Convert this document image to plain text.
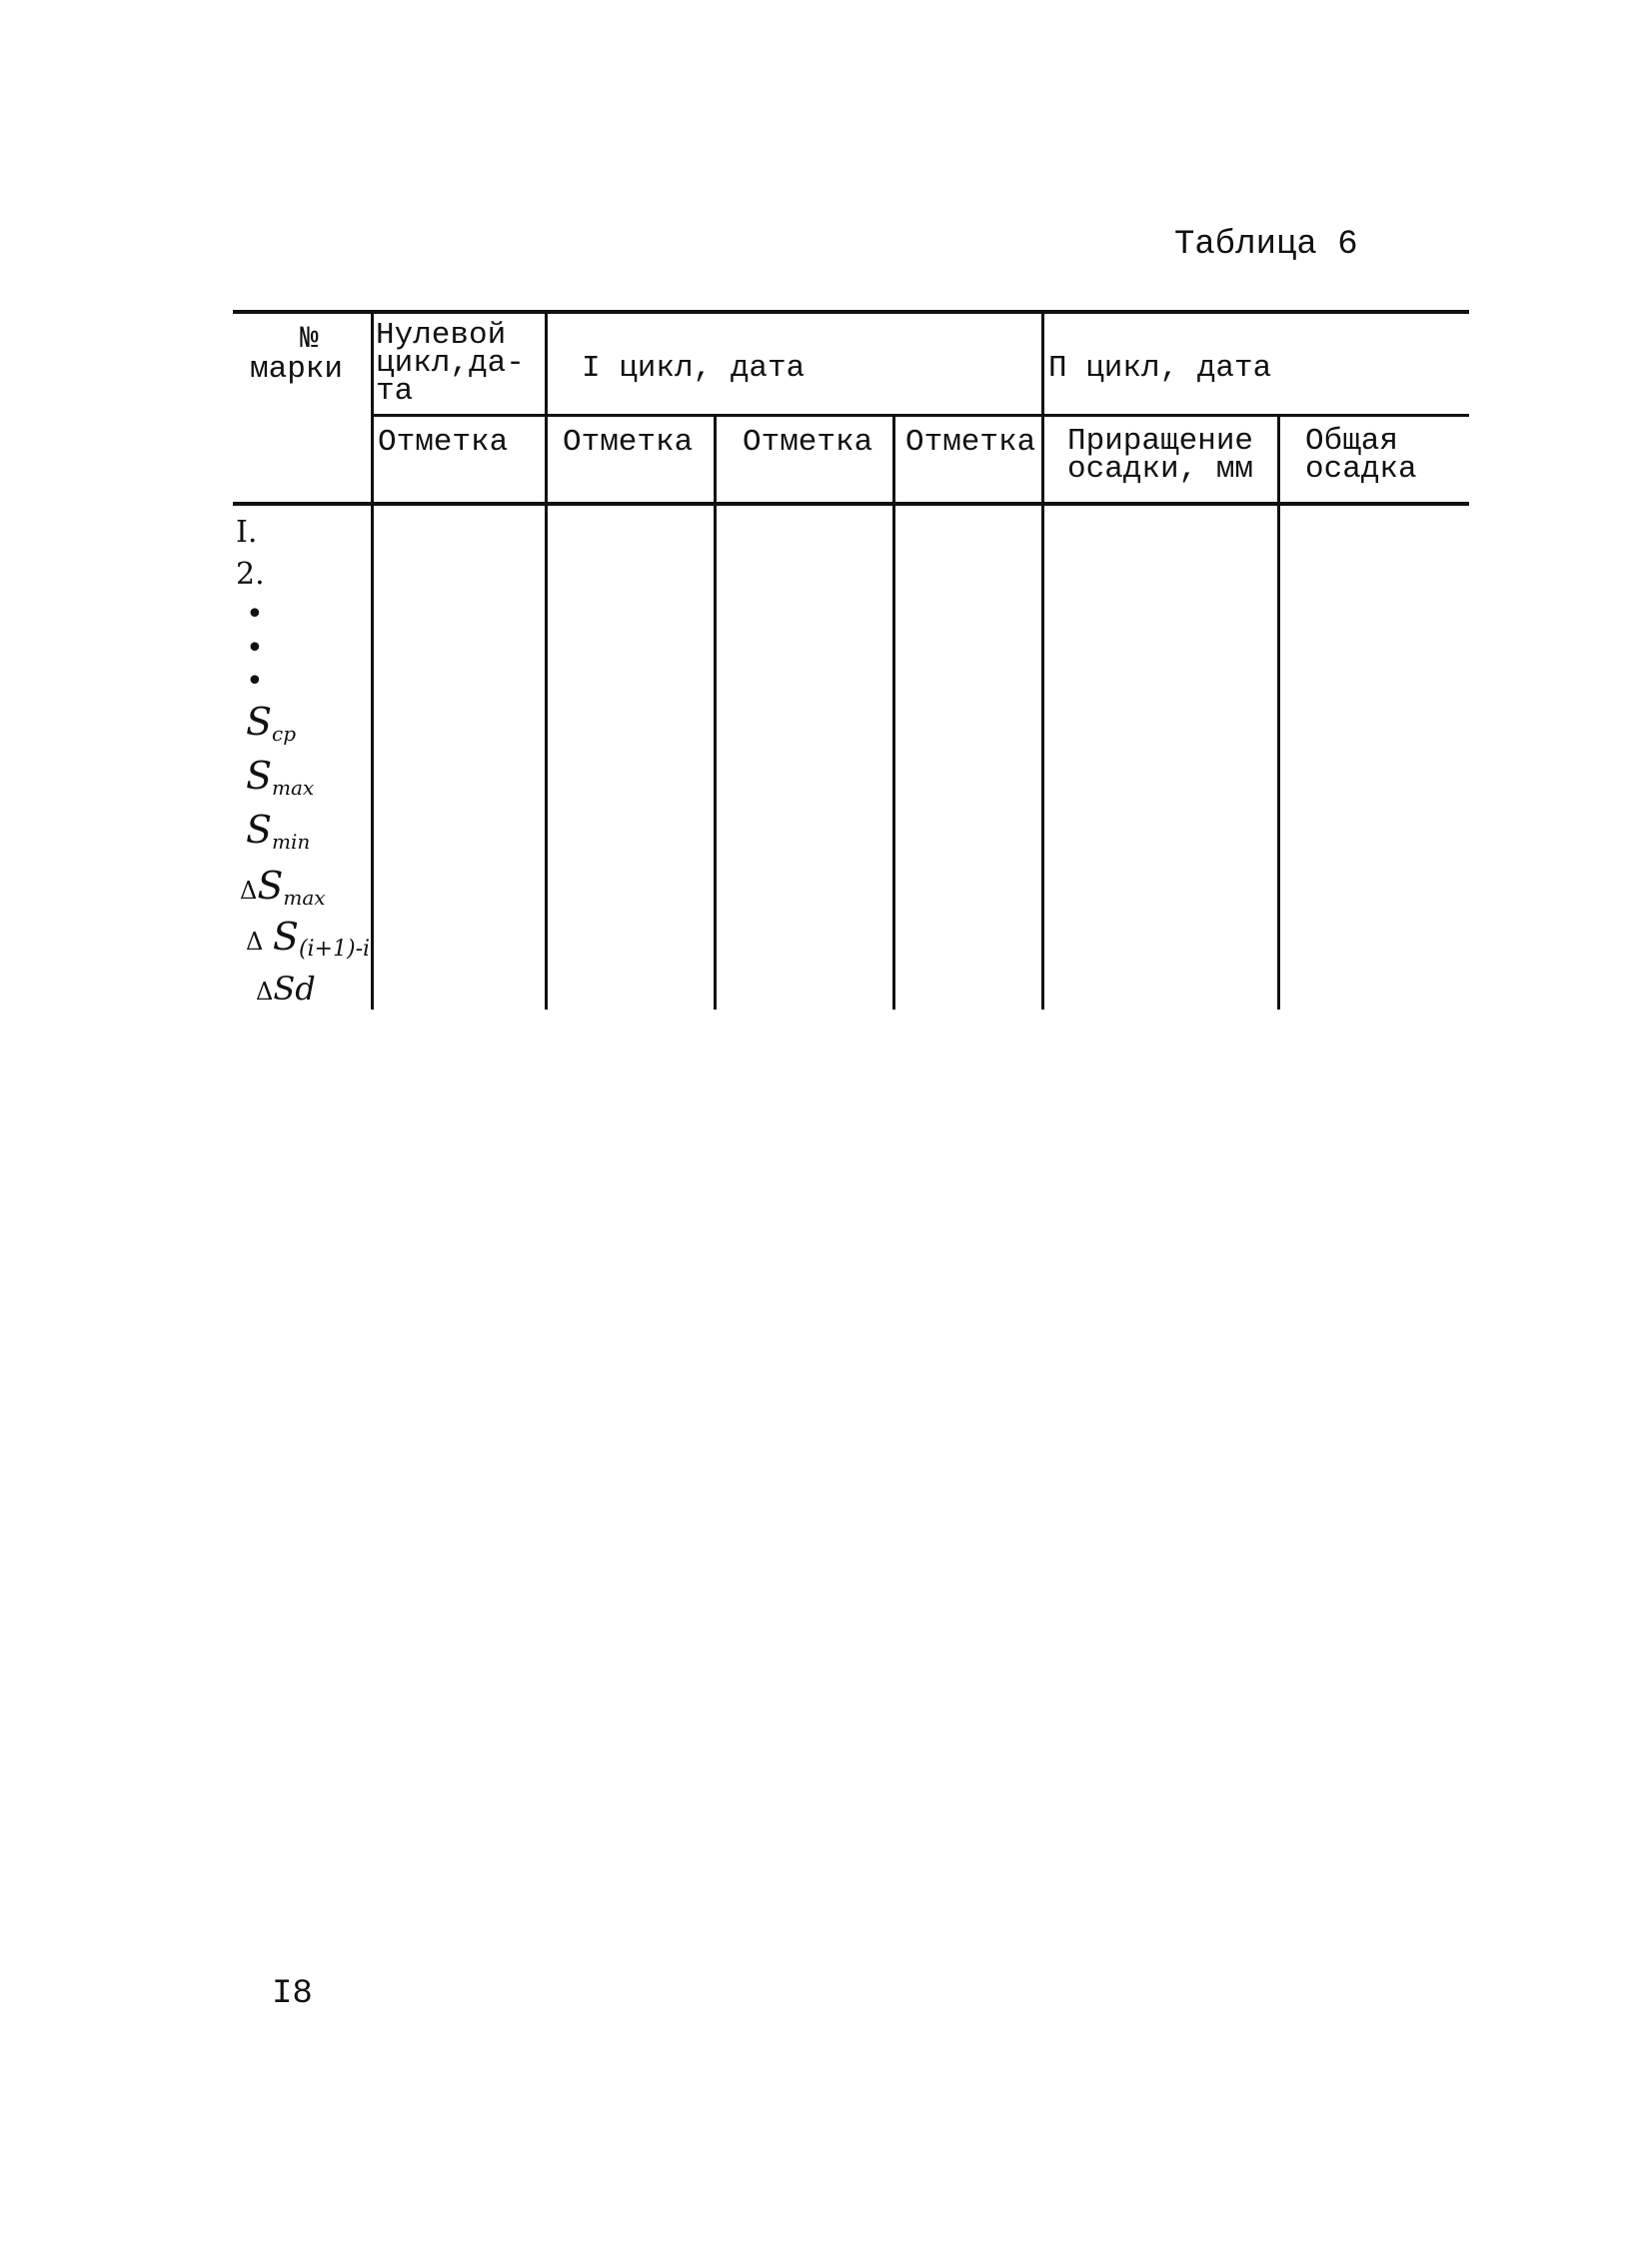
Таблица 6
№
марки
Нулевой
цикл,да-
та
I цикл, дата	П цикл, дата
Отметка Отметка Отметка Отметка Приращение
осадки, мм
Общая
осадка
I.
2.
•
•
•
$S_{ср}$
$S_{max}$
$S_{min}$
$\Delta S_{max}$
Δ $S_{(i+1)-i}$
ΔSd
I8
